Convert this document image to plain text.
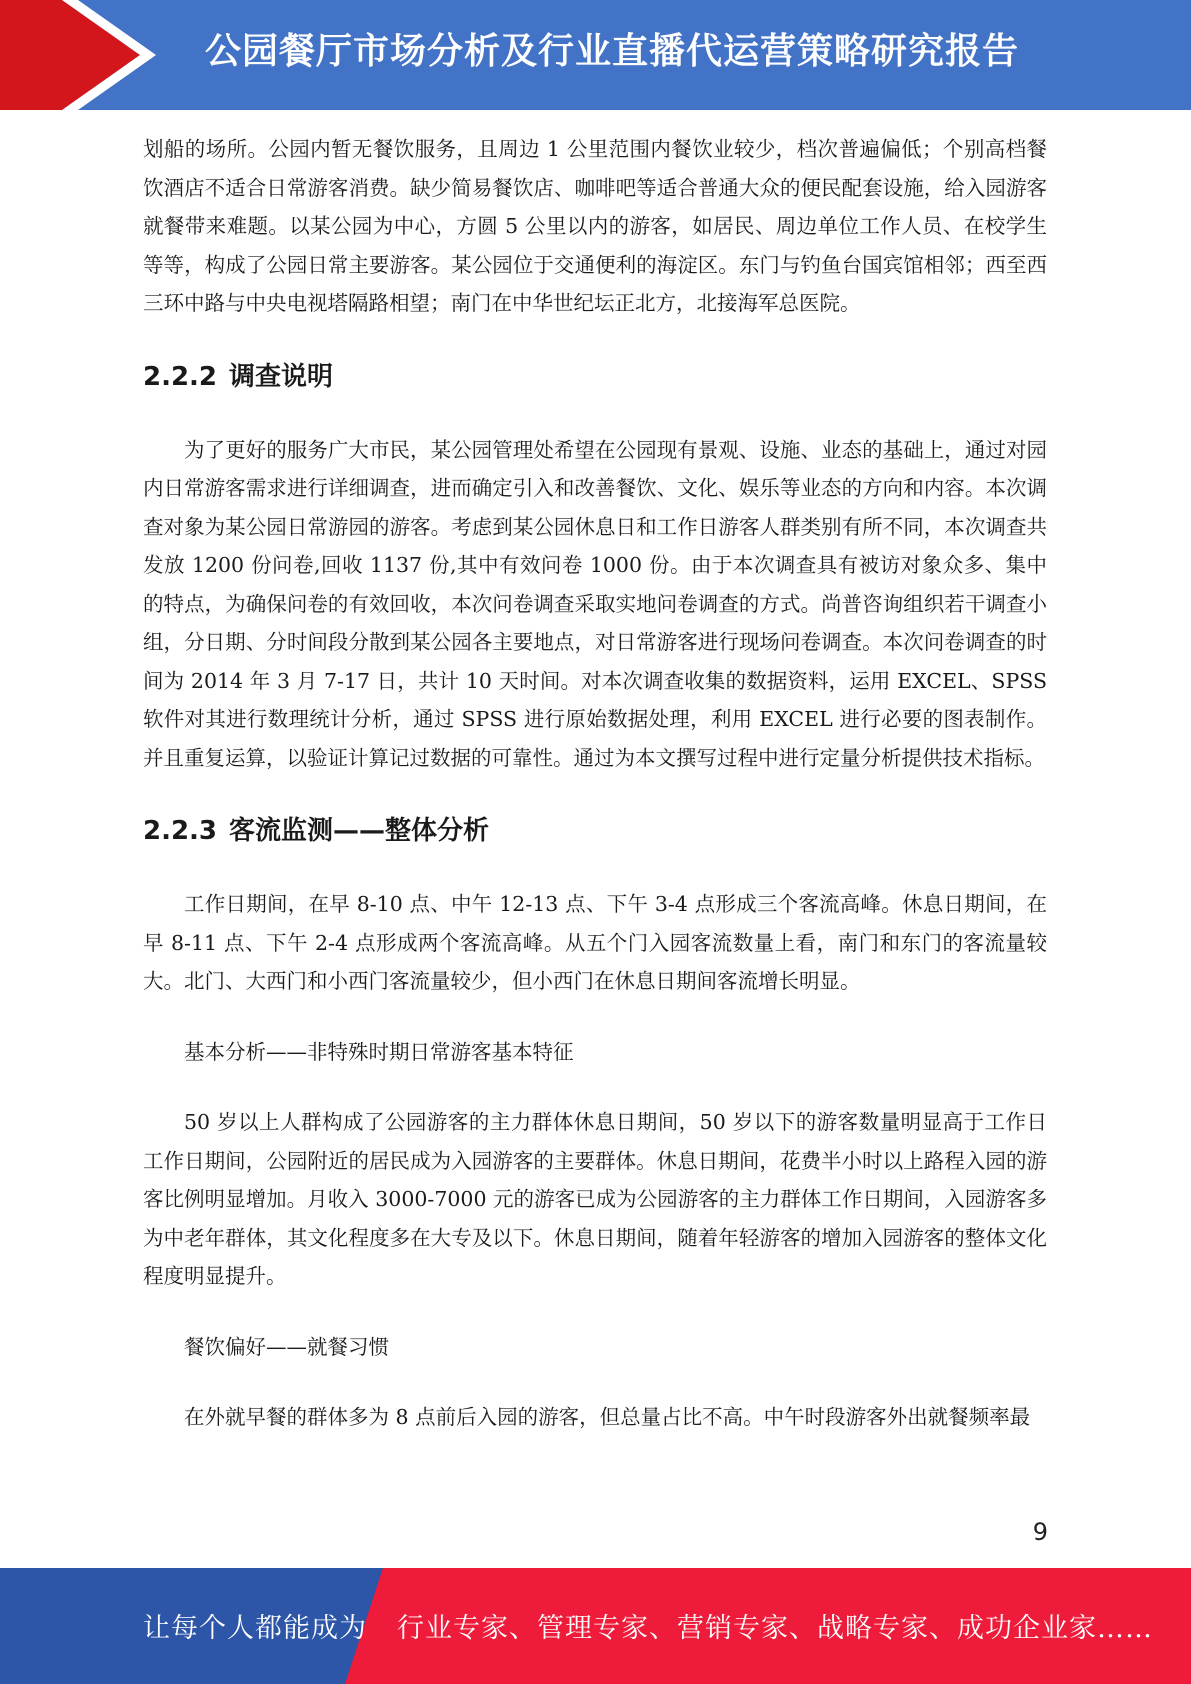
公园餐厅市场分析及行业直播代运营策略研究报告

划船的场所。公园内暂无餐饮服务，且周边 1 公里范围内餐饮业较少，档次普遍偏低；个别高档餐饮酒店不适合日常游客消费。缺少简易餐饮店、咖啡吧等适合普通大众的便民配套设施，给入园游客就餐带来难题。以某公园为中心，方圆 5 公里以内的游客，如居民、周边单位工作人员、在校学生等等，构成了公园日常主要游客。某公园位于交通便利的海淀区。东门与钓鱼台国宾馆相邻；西至西三环中路与中央电视塔隔路相望；南门在中华世纪坛正北方，北接海军总医院。

2.2.2 调查说明

为了更好的服务广大市民，某公园管理处希望在公园现有景观、设施、业态的基础上，通过对园内日常游客需求进行详细调查，进而确定引入和改善餐饮、文化、娱乐等业态的方向和内容。本次调查对象为某公园日常游园的游客。考虑到某公园休息日和工作日游客人群类别有所不同，本次调查共发放 1200 份问卷,回收 1137 份,其中有效问卷 1000 份。由于本次调查具有被访对象众多、集中的特点，为确保问卷的有效回收，本次问卷调查采取实地问卷调查的方式。尚普咨询组织若干调查小组，分日期、分时间段分散到某公园各主要地点，对日常游客进行现场问卷调查。本次问卷调查的时间为 2014 年 3 月 7-17 日，共计 10 天时间。对本次调查收集的数据资料，运用 EXCEL、SPSS 软件对其进行数理统计分析，通过 SPSS 进行原始数据处理，利用 EXCEL 进行必要的图表制作。并且重复运算，以验证计算记过数据的可靠性。通过为本文撰写过程中进行定量分析提供技术指标。

2.2.3 客流监测——整体分析

工作日期间，在早 8-10 点、中午 12-13 点、下午 3-4 点形成三个客流高峰。休息日期间，在早 8-11 点、下午 2-4 点形成两个客流高峰。从五个门入园客流数量上看，南门和东门的客流量较大。北门、大西门和小西门客流量较少，但小西门在休息日期间客流增长明显。

基本分析——非特殊时期日常游客基本特征

50 岁以上人群构成了公园游客的主力群体休息日期间，50 岁以下的游客数量明显高于工作日工作日期间，公园附近的居民成为入园游客的主要群体。休息日期间，花费半小时以上路程入园的游客比例明显增加。月收入 3000-7000 元的游客已成为公园游客的主力群体工作日期间，入园游客多为中老年群体，其文化程度多在大专及以下。休息日期间，随着年轻游客的增加入园游客的整体文化程度明显提升。

餐饮偏好——就餐习惯

在外就早餐的群体多为 8 点前后入园的游客，但总量占比不高。中午时段游客外出就餐频率最

9
让每个人都能成为 行业专家、管理专家、营销专家、战略专家、成功企业家……
